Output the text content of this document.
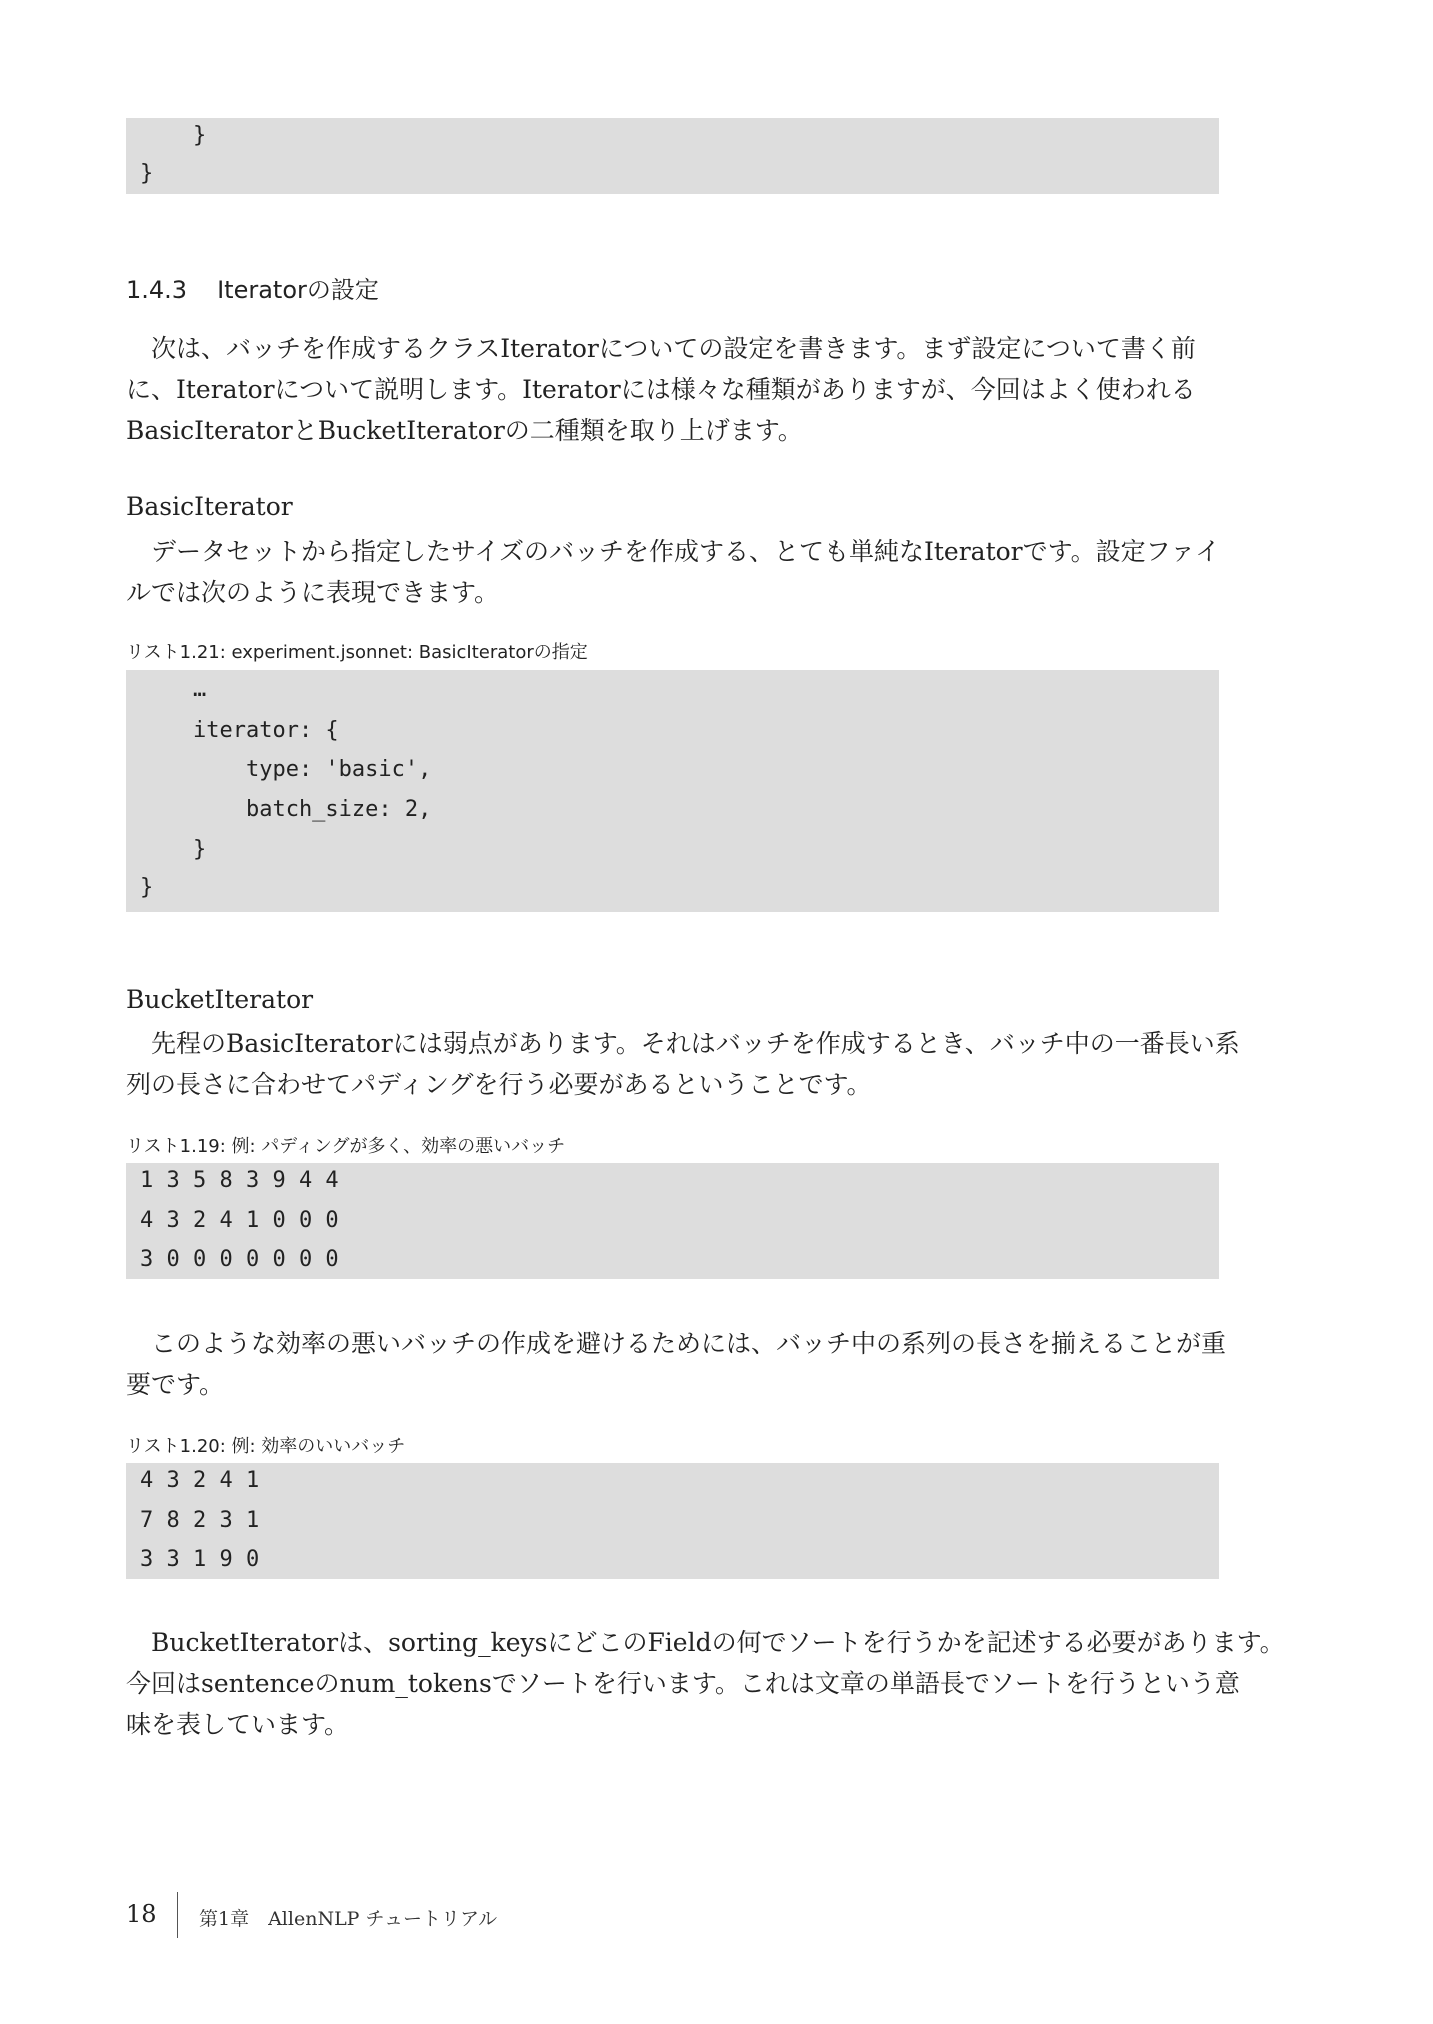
}
}
1.4.3 Iteratorの設定
　次は、バッチを作成するクラスIteratorについての設定を書きます。まず設定について書く前
に、Iteratorについて説明します。Iteratorには様々な種類がありますが、今回はよく使われる
BasicIteratorとBucketIteratorの二種類を取り上げます。
BasicIterator
　データセットから指定したサイズのバッチを作成する、とても単純なIteratorです。設定ファイ
ルでは次のように表現できます。
リスト1.21: experiment.jsonnet: BasicIteratorの指定
…
iterator: {
type: 'basic',
batch_size: 2,
}
}
BucketIterator
　先程のBasicIteratorには弱点があります。それはバッチを作成するとき、バッチ中の一番長い系
列の長さに合わせてパディングを行う必要があるということです。
リスト1.19: 例: パディングが多く、効率の悪いバッチ
1 3 5 8 3 9 4 4
4 3 2 4 1 0 0 0
3 0 0 0 0 0 0 0
　このような効率の悪いバッチの作成を避けるためには、バッチ中の系列の長さを揃えることが重
要です。
リスト1.20: 例: 効率のいいバッチ
4 3 2 4 1
7 8 2 3 1
3 3 1 9 0
　BucketIteratorは、sorting_keysにどこのFieldの何でソートを行うかを記述する必要があります。
今回はsentenceのnum_tokensでソートを行います。これは文章の単語長でソートを行うという意
味を表しています。
18 第1章　AllenNLP チュートリアル
